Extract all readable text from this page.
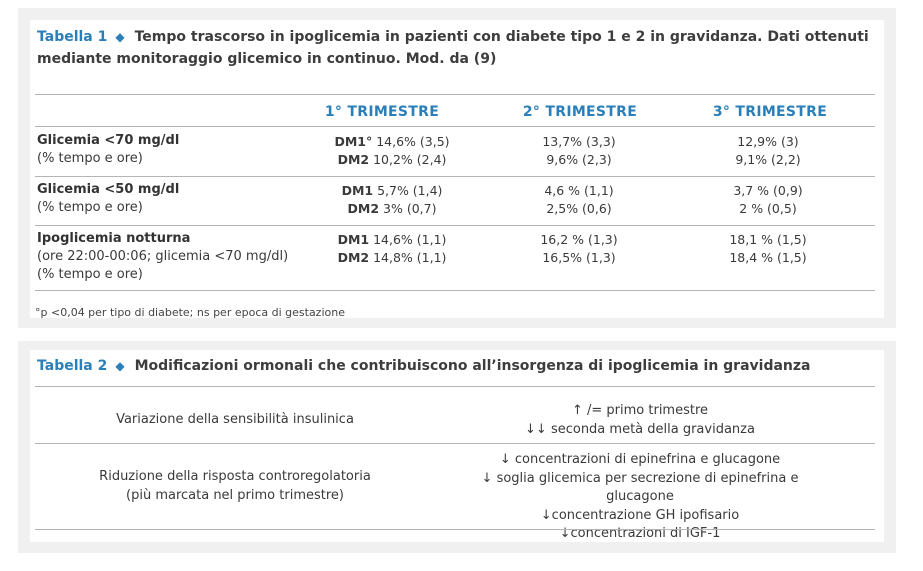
Tabella 1 ◆ Tempo trascorso in ipoglicemia in pazienti con diabete tipo 1 e 2 in gravidanza. Dati ottenuti mediante monitoraggio glicemico in continuo. Mod. da (9)
1° TRIMESTRE	2° TRIMESTRE	3° TRIMESTRE
Glicemia <70 mg/dl
(% tempo e ore)
DM1° 14,6% (3,5)
DM2 10,2% (2,4)
13,7% (3,3)
9,6% (2,3)
12,9% (3)
9,1% (2,2)
Glicemia <50 mg/dl
(% tempo e ore)
DM1 5,7% (1,4)
DM2 3% (0,7)
4,6 % (1,1)
2,5% (0,6)
3,7 % (0,9)
2 % (0,5)
Ipoglicemia notturna
(ore 22:00-00:06; glicemia <70 mg/dl)
(% tempo e ore)
DM1 14,6% (1,1)
DM2 14,8% (1,1)
16,2 % (1,3)
16,5% (1,3)
18,1 % (1,5)
18,4 % (1,5)
°p <0,04 per tipo di diabete; ns per epoca di gestazione
Tabella 2 ◆ Modificazioni ormonali che contribuiscono all’insorgenza di ipoglicemia in gravidanza
Variazione della sensibilità insulinica
↑ /= primo trimestre
↓↓ seconda metà della gravidanza
Riduzione della risposta controregolatoria
(più marcata nel primo trimestre)
↓ concentrazioni di epinefrina e glucagone
↓ soglia glicemica per secrezione di epinefrina e glucagone
↓concentrazione GH ipofisario
↓concentrazioni di IGF-1
